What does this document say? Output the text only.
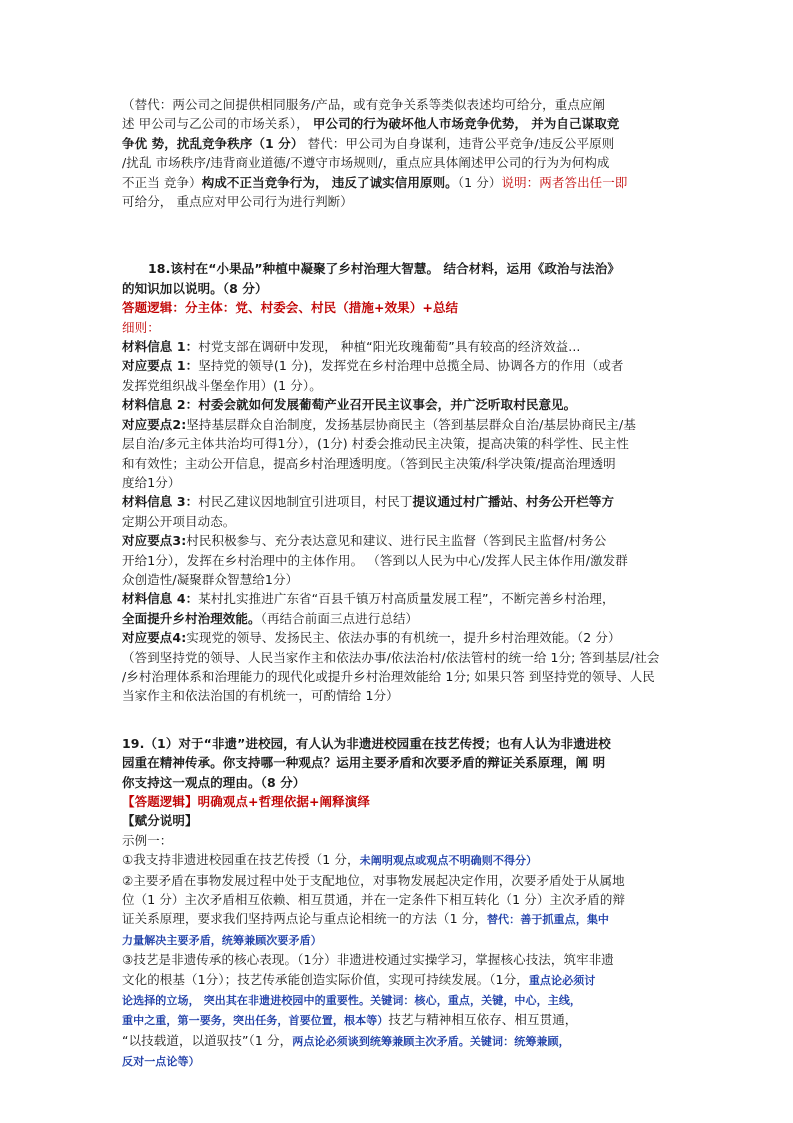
（替代：两公司之间提供相同服务/产品，或有竞争关系等类似表述均可给分，重点应阐

述 甲公司与乙公司的市场关系）， 甲公司的行为破坏他人市场竞争优势， 并为自己谋取竞

争优 势，扰乱竞争秩序（1 分） 替代：甲公司为自身谋利，违背公平竞争/违反公平原则

/扰乱 市场秩序/违背商业道德/不遵守市场规则/，重点应具体阐述甲公司的行为为何构成

不正当 竞争）构成不正当竞争行为， 违反了诚实信用原则。（1 分）说明：两者答出任一即

可给分， 重点应对甲公司行为进行判断）

18.该村在“小果品”种植中凝聚了乡村治理大智慧。 结合材料，运用《政治与法治》

的知识加以说明。（8 分）

答题逻辑：分主体：党、村委会、村民（措施+效果）+总结

细则：

材料信息 1：村党支部在调研中发现， 种植“阳光玫瑰葡萄”具有较高的经济效益...

对应要点 1：坚持党的领导(1 分)，发挥党在乡村治理中总揽全局、协调各方的作用（或者

发挥党组织战斗堡垒作用）(1 分）。

材料信息 2：村委会就如何发展葡萄产业召开民主议事会，并广泛听取村民意见。

对应要点2:坚持基层群众自治制度，发扬基层协商民主（答到基层群众自治/基层协商民主/基

层自治/多元主体共治均可得1分），(1分) 村委会推动民主决策，提高决策的科学性、民主性

和有效性；主动公开信息，提高乡村治理透明度。（答到民主决策/科学决策/提高治理透明

度给1分）

材料信息 3：村民乙建议因地制宜引进项目，村民丁提议通过村广播站、村务公开栏等方

定期公开项目动态。

对应要点3:村民积极参与、充分表达意见和建议、进行民主监督（答到民主监督/村务公

开给1分），发挥在乡村治理中的主体作用。 （答到以人民为中心/发挥人民主体作用/激发群

众创造性/凝聚群众智慧给1分）

材料信息 4：某村扎实推进广东省“百县千镇万村高质量发展工程”，不断完善乡村治理，

全面提升乡村治理效能。（再结合前面三点进行总结）

对应要点4:实现党的领导、发扬民主、依法办事的有机统一，提升乡村治理效能。（2 分）

（答到坚持党的领导、人民当家作主和依法办事/依法治村/依法管村的统一给 1分; 答到基层/社会

/乡村治理体系和治理能力的现代化或提升乡村治理效能给 1分; 如果只答 到坚持党的领导、人民

当家作主和依法治国的有机统一，可酌情给 1分）

19.（1）对于“非遗”进校园，有人认为非遗进校园重在技艺传授；也有人认为非遗进校

园重在精神传承。你支持哪一种观点？运用主要矛盾和次要矛盾的辩证关系原理，阐 明

你支持这一观点的理由。（8 分）

【答题逻辑】明确观点+哲理依据+阐释演绎

【赋分说明】

示例一：

①我支持非遗进校园重在技艺传授（1 分，未阐明观点或观点不明确则不得分）

②主要矛盾在事物发展过程中处于支配地位，对事物发展起决定作用，次要矛盾处于从属地

位（1 分）主次矛盾相互依赖、相互贯通，并在一定条件下相互转化（1 分）主次矛盾的辩

证关系原理，要求我们坚持两点论与重点论相统一的方法（1 分，替代：善于抓重点，集中

力量解决主要矛盾，统筹兼顾次要矛盾）

③技艺是非遗传承的核心表现。（1分）非遗进校通过实操学习，掌握核心技法，筑牢非遗

文化的根基（1分）；技艺传承能创造实际价值，实现可持续发展。（1分，重点论必须讨

论选择的立场， 突出其在非遗进校园中的重要性。关键词：核心，重点，关键，中心，主线，

重中之重，第一要务，突出任务，首要位置，根本等）技艺与精神相互依存、相互贯通，

“以技载道，以道驭技”（1 分，两点论必须谈到统筹兼顾主次矛盾。关键词：统筹兼顾，

反对一点论等）
